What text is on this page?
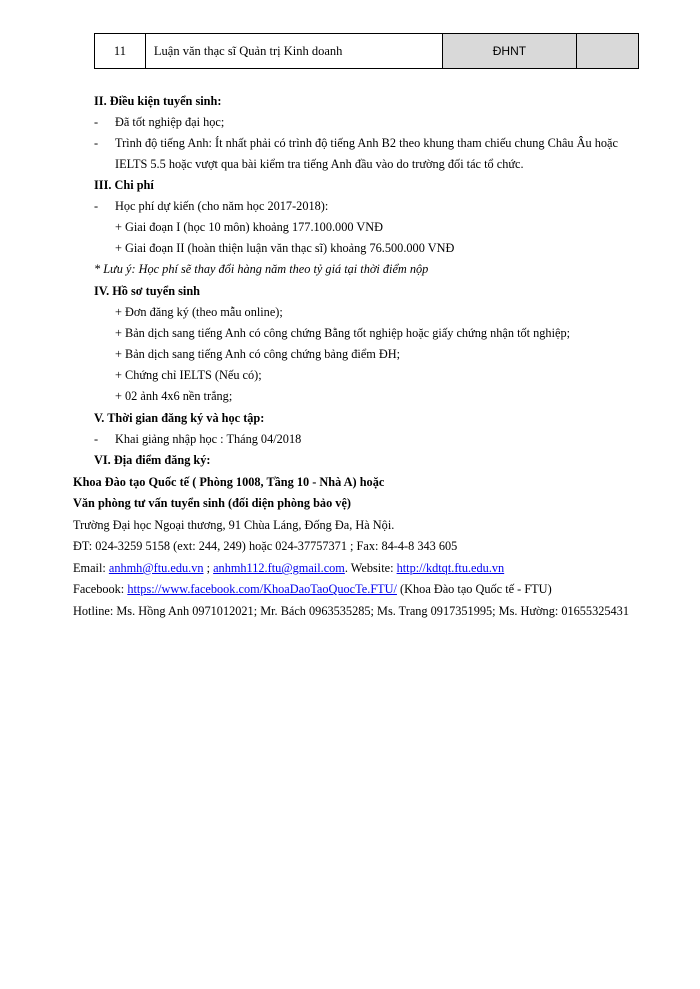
11	Luận văn thạc sĩ Quản trị Kinh doanh	ĐHNT	
II. Điều kiện tuyển sinh:
- Đã tốt nghiệp đại học;
- Trình độ tiếng Anh: Ít nhất phải có trình độ tiếng Anh B2 theo khung tham chiếu chung Châu Âu hoặc
IELTS 5.5 hoặc vượt qua bài kiểm tra tiếng Anh đầu vào do trường đối tác tổ chức.
III. Chi phí
- Học phí dự kiến (cho năm học 2017-2018):
+ Giai đoạn I (học 10 môn) khoảng 177.100.000 VNĐ
+ Giai đoạn II (hoàn thiện luận văn thạc sĩ) khoảng 76.500.000 VNĐ
* Lưu ý: Học phí sẽ thay đổi hàng năm theo tỷ giá tại thời điểm nộp
IV. Hồ sơ tuyển sinh
+ Đơn đăng ký (theo mẫu online);
+ Bản dịch sang tiếng Anh có công chứng Bằng tốt nghiệp hoặc giấy chứng nhận tốt nghiệp;
+ Bản dịch sang tiếng Anh có công chứng bảng điểm ĐH;
+ Chứng chỉ IELTS (Nếu có);
+ 02 ảnh 4x6 nền trắng;
V. Thời gian đăng ký và học tập:
- Khai giảng nhập học : Tháng 04/2018
VI. Địa điểm đăng ký:
Khoa Đào tạo Quốc tế ( Phòng 1008, Tầng 10 - Nhà A) hoặc
Văn phòng tư vấn tuyển sinh (đối diện phòng bảo vệ)
Trường Đại học Ngoại thương, 91 Chùa Láng, Đống Đa, Hà Nội.
ĐT: 024-3259 5158 (ext: 244, 249) hoặc 024-37757371 ; Fax: 84-4-8 343 605
Email: anhmh@ftu.edu.vn ; anhmh112.ftu@gmail.com. Website: http://kdtqt.ftu.edu.vn
Facebook: https://www.facebook.com/KhoaDaoTaoQuocTe.FTU/ (Khoa Đào tạo Quốc tế - FTU)
Hotline: Ms. Hồng Anh 0971012021; Mr. Bách 0963535285; Ms. Trang 0917351995; Ms. Hường: 01655325431
